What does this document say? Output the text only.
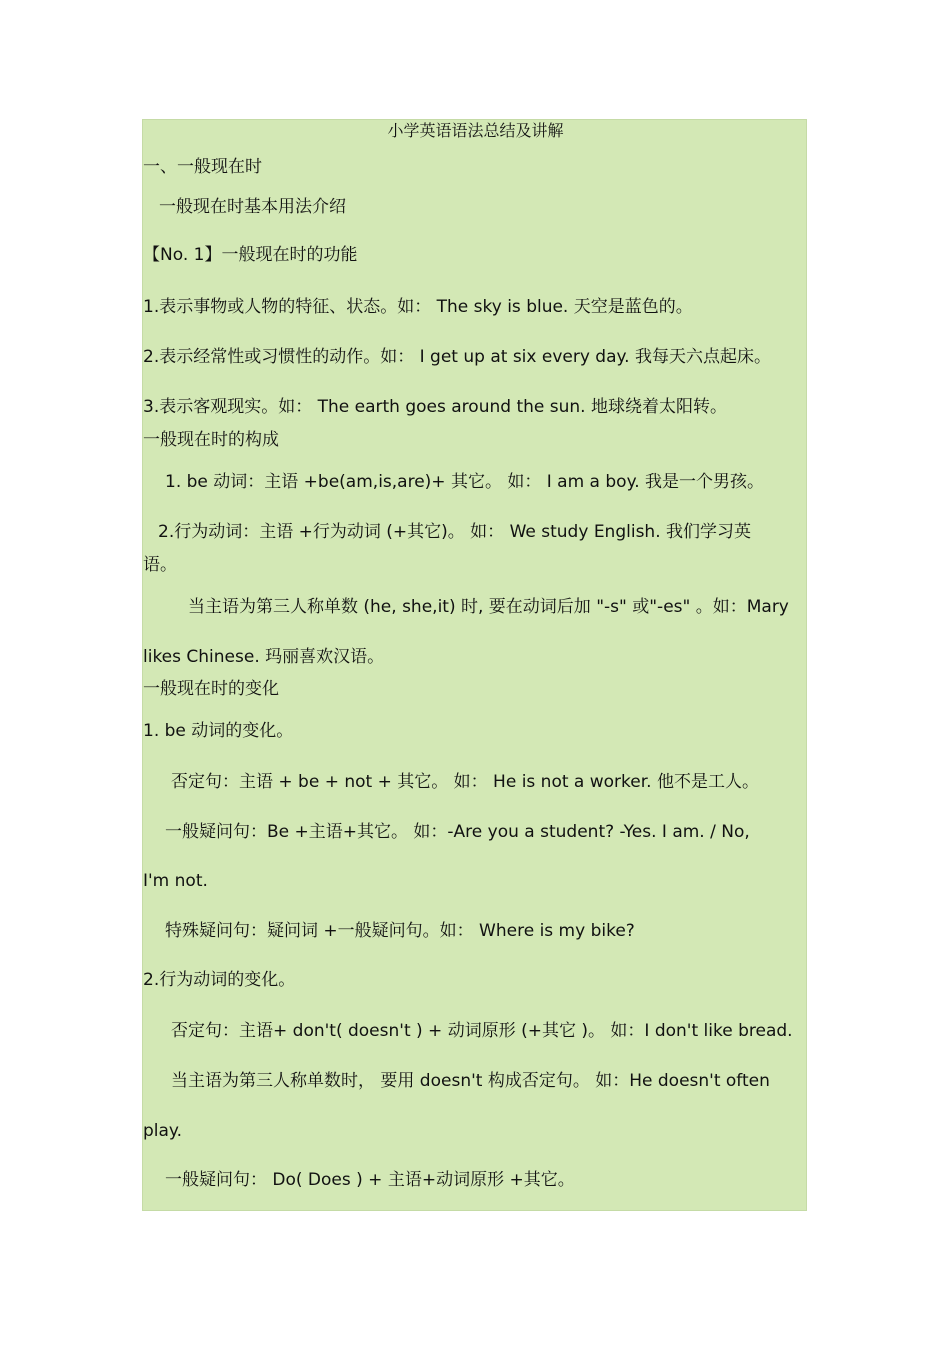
小学英语语法总结及讲解
一、一般现在时
一般现在时基本用法介绍
【No. 1】一般现在时的功能
1.表示事物或人物的特征、状态。如： The sky is blue. 天空是蓝色的。
2.表示经常性或习惯性的动作。如： I get up at six every day. 我每天六点起床。
3.表示客观现实。如： The earth goes around the sun. 地球绕着太阳转。
一般现在时的构成
1. be 动词：主语 +be(am,is,are)+ 其它。 如： I am a boy. 我是一个男孩。
2.行为动词：主语 +行为动词 (+其它)。 如： We study English. 我们学习英
语。
当主语为第三人称单数 (he, she,it) 时, 要在动词后加 "-s" 或"-es" 。如：Mary
likes Chinese. 玛丽喜欢汉语。
一般现在时的变化
1. be 动词的变化。
否定句：主语 + be + not + 其它。 如： He is not a worker. 他不是工人。
一般疑问句：Be +主语+其它。 如：-Are you a student? -Yes. I am. / No,
I'm not.
特殊疑问句：疑问词 +一般疑问句。如： Where is my bike?
2.行为动词的变化。
否定句：主语+ don't( doesn't ) + 动词原形 (+其它 )。 如：I don't like bread.
当主语为第三人称单数时， 要用 doesn't 构成否定句。 如：He doesn't often
play.
一般疑问句： Do( Does ) + 主语+动词原形 +其它。
